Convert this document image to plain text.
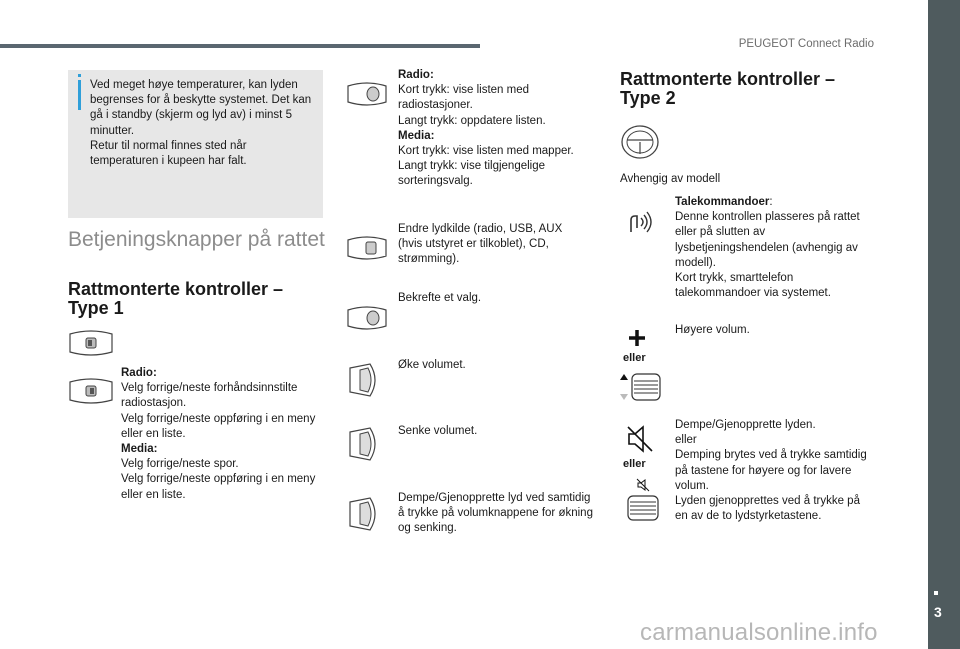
PEUGEOT Connect Radio
3
Ved meget høye temperaturer, kan lyden begrenses for å beskytte systemet. Det kan gå i standby (skjerm og lyd av) i minst 5 minutter.
Retur til normal finnes sted når temperaturen i kupeen har falt.
Betjeningsknapper på rattet
Rattmonterte kontroller – Type 1
Radio:
Velg forrige/neste forhåndsinnstilte radiostasjon.
Velg forrige/neste oppføring i en meny eller en liste.
Media:
Velg forrige/neste spor.
Velg forrige/neste oppføring i en meny eller en liste.
Radio:
Kort trykk: vise listen med radiostasjoner.
Langt trykk: oppdatere listen.
Media:
Kort trykk: vise listen med mapper.
Langt trykk: vise tilgjengelige sorteringsvalg.
Endre lydkilde (radio, USB, AUX (hvis utstyret er tilkoblet), CD, strømming).
Bekrefte et valg.
Øke volumet.
Senke volumet.
Dempe/Gjenopprette lyd ved samtidig å trykke på volumknappene for økning og senking.
Rattmonterte kontroller – Type 2
Avhengig av modell
Talekommandoer:
Denne kontrollen plasseres på rattet eller på slutten av lysbetjeningshendelen (avhengig av modell).
Kort trykk, smarttelefon talekommandoer via systemet.
eller
Høyere volum.
eller
Dempe/Gjenopprette lyden.
eller
Demping brytes ved å trykke samtidig på tastene for høyere og for lavere volum.
Lyden gjenopprettes ved å trykke på en av de to lydstyrketastene.
carmanualsonline.info
